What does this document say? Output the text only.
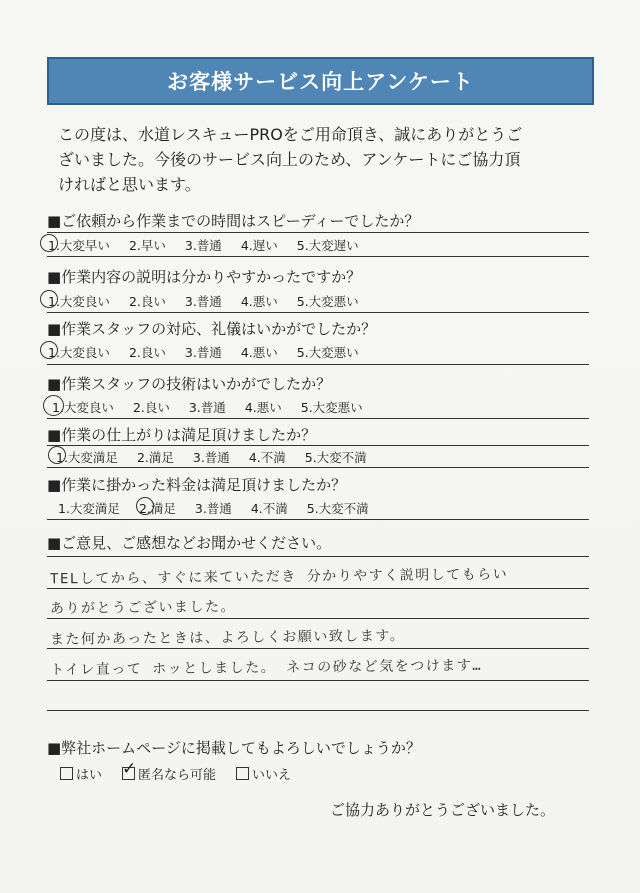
お客様サービス向上アンケート
この度は、水道レスキューPROをご用命頂き、誠にありがとうご
ざいました。今後のサービス向上のため、アンケートにご協力頂
ければと思います。
■ご依頼から作業までの時間はスピーディーでしたか？
1.大変早い 2.早い 3.普通 4.遅い 5.大変遅い
■作業内容の説明は分かりやすかったですか？
1.大変良い 2.良い 3.普通 4.悪い 5.大変悪い
■作業スタッフの対応、礼儀はいかがでしたか？
1.大変良い 2.良い 3.普通 4.悪い 5.大変悪い
■作業スタッフの技術はいかがでしたか？
1.大変良い 2.良い 3.普通 4.悪い 5.大変悪い
■作業の仕上がりは満足頂けましたか？
1.大変満足 2.満足 3.普通 4.不満 5.大変不満
■作業に掛かった料金は満足頂けましたか？
1.大変満足 2.満足 3.普通 4.不満 5.大変不満
■ご意見、ご感想などお聞かせください。
TELしてから、すぐに来ていただき 分かりやすく説明してもらい
ありがとうございました。
また何かあったときは、よろしくお願い致します。
トイレ直って ホッとしました。 ネコの砂など気をつけます…
■弊社ホームページに掲載してもよろしいでしょうか？
はい ✓ 匿名なら可能	いいえ
ご協力ありがとうございました。
